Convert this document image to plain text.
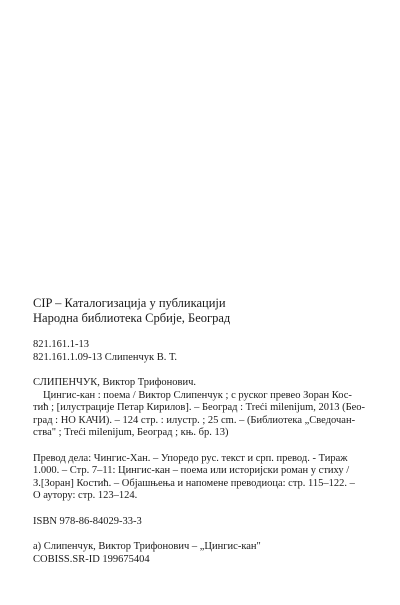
CIP – Каталогизација у публикацији
Народна библиотека Србије, Београд
821.161.1-13
821.161.1.09-13 Слипенчук В. Т.
СЛИПЕНЧУК, Виктор Трифонович.
Цингис-кан : поема / Виктор Слипенчук ; с руског превео Зоран Кос-
тић ; [илустрације Петар Кирилов]. – Београд : Treći milenijum, 2013 (Бео-
град : НО КАЧИ). – 124 стр. : илустр. ; 25 cm. – (Библиотека „Сведочан-
ства" ; Treći milenijum, Београд ; књ. бр. 13)
Превод дела: Чингис-Хан. – Упоредо рус. текст и срп. превод. - Тираж
1.000. – Стр. 7–11: Цингис-кан – поема или историјски роман у стиху /
З.[Зоран] Костић. – Објашњења и напомене преводиоца: стр. 115–122. –
О аутору: стр. 123–124.
ISBN 978-86-84029-33-3
а) Слипенчук, Виктор Трифонович – „Цингис-кан"
COBISS.SR-ID 199675404
